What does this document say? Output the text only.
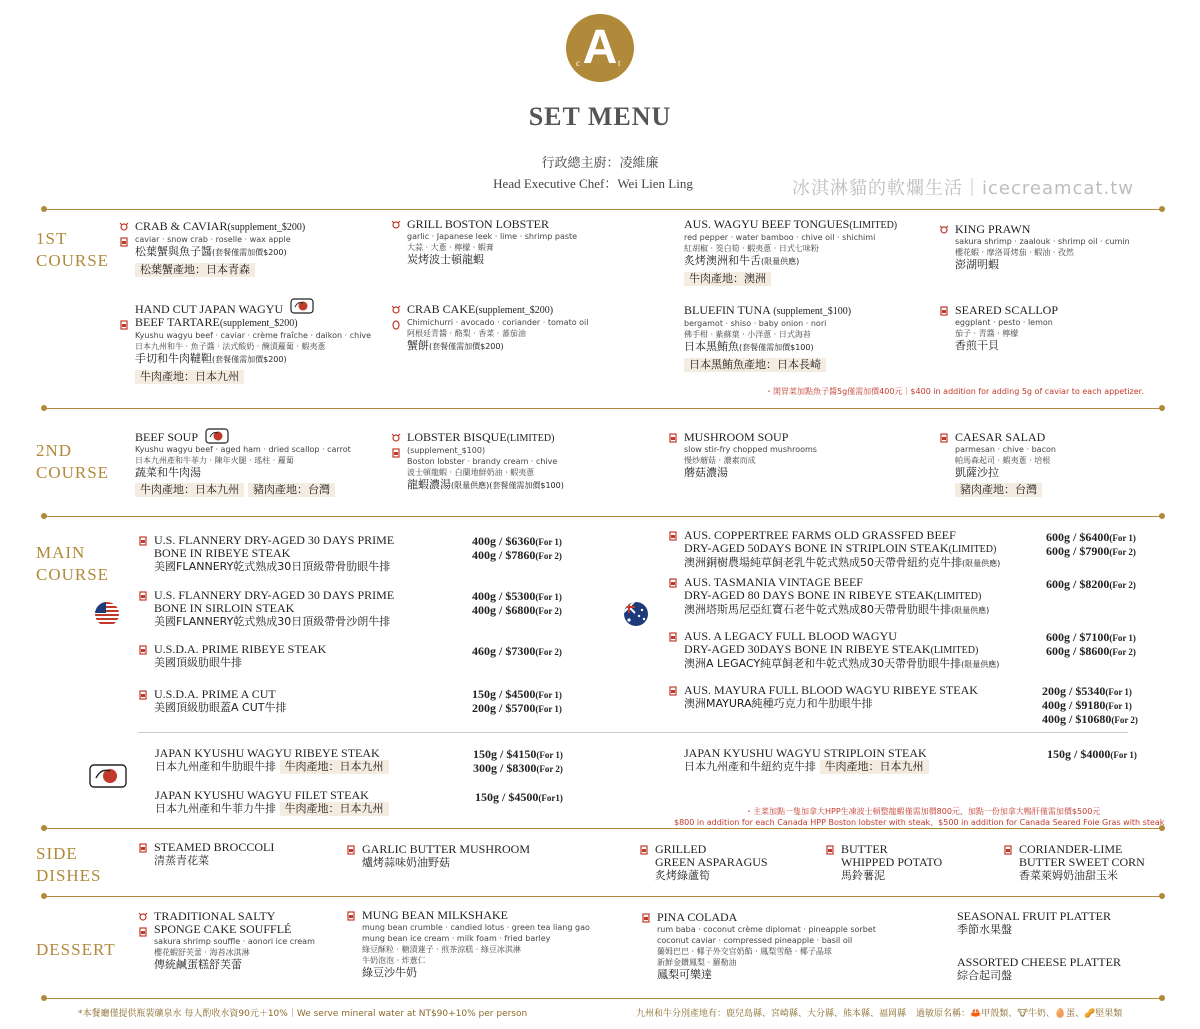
A
c	t
SET MENU
行政總主廚：凌維廉
Head Executive Chef：Wei Lien Ling	冰淇淋貓的軟爛生活｜icecreamcat.tw
1ST
COURSE
2ND
COURSE
MAIN
COURSE
SIDE
DISHES
DESSERT
CRAB & CAVIAR(supplement_$200)
caviar · snow crab · roselle · wax apple
松葉蟹與魚子醬(套餐僅需加價$200)
松葉蟹產地：日本青森
HAND CUT JAPAN WAGYU
BEEF TARTARE(supplement_$200)
Kyushu wagyu beef · caviar · crème fraîche · daikon · chive
日本九州和牛 · 魚子醬 · 法式酸奶 · 醃漬蘿蔔 · 蝦夷蔥
手切和牛肉韃靼(套餐僅需加價$200)
牛肉產地：日本九州
GRILL BOSTON LOBSTER
garlic · Japanese leek · lime · shrimp paste
大蒜 · 大蔥 · 檸檬 · 蝦膏
炭烤波士頓龍蝦
CRAB CAKE(supplement_$200)
Chimichurri · avocado · coriander · tomato oil
阿根廷青醬 · 酪梨 · 香菜 · 蕃茄油
蟹餅(套餐僅需加價$200)
AUS. WAGYU BEEF TONGUES(LIMITED)
red pepper · water bamboo · chive oil · shichimi
紅胡椒 · 筊白筍 · 蝦夷蔥 · 日式七味粉
炙烤澳洲和牛舌(限量供應)
牛肉產地：澳洲
BLUEFIN TUNA (supplement_$100)
bergamot · shiso · baby onion · nori
佛手柑 · 紫蘇葉 · 小洋蔥 · 日式海苔
日本黑鮪魚(套餐僅需加價$100)
日本黑鮪魚產地：日本長崎
KING PRAWN
sakura shrimp · zaalouk · shrimp oil · cumin
櫻花蝦 · 摩洛哥烤茄 · 蝦油 · 孜然
澎湖明蝦
SEARED SCALLOP
eggplant · pesto · lemon
茄子 · 青醬 · 檸檬
香煎干貝
・開胃菜加點魚子醬5g僅需加價400元｜$400 in addition for adding 5g of caviar to each appetizer.
BEEF SOUP
Kyushu wagyu beef · aged ham · dried scallop · carrot
日本九州產和牛菲力 · 陳年火腿 · 瑤柱 · 蘿蔔
蔬菜和牛肉湯
牛肉產地：日本九州 豬肉產地：台灣
LOBSTER BISQUE(LIMITED)
(supplement_$100)
Boston lobster · brandy cream · chive
波士頓龍蝦 · 白蘭地鮮奶油 · 蝦夷蔥
龍蝦濃湯(限量供應)(套餐僅需加價$100)
MUSHROOM SOUP
slow stir-fry chopped mushrooms
慢炒蘑菇 · 濃素而成
蘑菇濃湯
CAESAR SALAD
parmesan · chive · bacon
帕馬森起司 · 蝦夷蔥 · 培根
凱薩沙拉
豬肉產地：台灣
U.S. FLANNERY DRY-AGED 30 DAYS PRIME
BONE IN RIBEYE STEAK
美國FLANNERY乾式熟成30日頂級帶骨肋眼牛排
400g / $6360(For 1)
400g / $7860(For 2)
U.S. FLANNERY DRY-AGED 30 DAYS PRIME
BONE IN SIRLOIN STEAK
美國FLANNERY乾式熟成30日頂級帶骨沙朗牛排
400g / $5300(For 1)
400g / $6800(For 2)
U.S.D.A. PRIME RIBEYE STEAK
美國頂級肋眼牛排
460g / $7300(For 2)
U.S.D.A. PRIME A CUT
美國頂級肋眼蓋A CUT牛排
150g / $4500(For 1)
200g / $5700(For 1)
AUS. COPPERTREE FARMS OLD GRASSFED BEEF
DRY-AGED 50DAYS BONE IN STRIPLOIN STEAK(LIMITED)
澳洲銅樹農場純草飼老乳牛乾式熟成50天帶骨紐約克牛排(限量供應)
600g / $6400(For 1)
600g / $7900(For 2)
AUS. TASMANIA VINTAGE BEEF
DRY-AGED 80 DAYS BONE IN RIBEYE STEAK(LIMITED)
澳洲塔斯馬尼亞紅寶石老牛乾式熟成80天帶骨肋眼牛排(限量供應)
600g / $8200(For 2)
AUS. A LEGACY FULL BLOOD WAGYU
DRY-AGED 30DAYS BONE IN RIBEYE STEAK(LIMITED)
澳洲A LEGACY純草飼老和牛乾式熟成30天帶骨肋眼牛排(限量供應)
600g / $7100(For 1)
600g / $8600(For 2)
AUS. MAYURA FULL BLOOD WAGYU RIBEYE STEAK
澳洲MAYURA純種巧克力和牛肋眼牛排
200g / $5340(For 1)
400g / $9180(For 1)
400g / $10680(For 2)
JAPAN KYUSHU WAGYU RIBEYE STEAK
日本九州產和牛肋眼牛排 牛肉產地：日本九州
150g / $4150(For 1)
300g / $8300(For 2)
JAPAN KYUSHU WAGYU FILET STEAK
日本九州產和牛菲力牛排 牛肉產地：日本九州
150g / $4500(For1)
JAPAN KYUSHU WAGYU STRIPLOIN STEAK
日本九州產和牛紐約克牛排 牛肉產地：日本九州
150g / $4000(For 1)
・主菜加點一隻加拿大HPP生凍波士頓整龍蝦僅需加價800元、加點一份加拿大鴨肝僅需加價$500元
$800 in addition for each Canada HPP Boston lobster with steak、$500 in addition for Canada Seared Foie Gras with steak
STEAMED BROCCOLI
清蒸青花菜
GARLIC BUTTER MUSHROOM
爐烤蒜味奶油野菇
GRILLED
GREEN ASPARAGUS
炙烤綠蘆筍
BUTTER
WHIPPED POTATO
馬鈴薯泥
CORIANDER-LIME
BUTTER SWEET CORN
香菜萊姆奶油甜玉米
TRADITIONAL SALTY
SPONGE CAKE SOUFFLÉ
sakura shrimp souffle · aonori ice cream
櫻花蝦舒芙蕾 · 海苔冰淇淋
傳統鹹蛋糕舒芙蕾
MUNG BEAN MILKSHAKE
mung bean crumble · candied lotus · green tea liang gao
mung bean ice cream · milk foam · fried barley
綠豆酥粒 · 糖漬蓮子 · 煎茶涼糕 · 綠豆冰淇淋
牛奶泡泡 · 炸薏仁
綠豆沙牛奶
PINA COLADA
rum baba · coconut crème diplomat · pineapple sorbet
coconut caviar · compressed pineapple · basil oil
蘭姆巴巴 · 椰子外交官奶餡 · 鳳梨雪酪 · 椰子晶球
新鮮金鑽鳳梨 · 羅勒油
鳳梨可樂達
SEASONAL FRUIT PLATTER
季節水果盤
ASSORTED CHEESE PLATTER
綜合起司盤
*本餐廳僅提供瓶裝礦泉水 每人酌收水資90元＋10%｜We serve mineral water at NT$90+10% per person	九州和牛分別產地有：鹿兒島縣、宮崎縣、大分縣、熊本縣、福岡縣 過敏原名稱：🦀甲殼類、🐮牛奶、🥚蛋、🥜堅果類
